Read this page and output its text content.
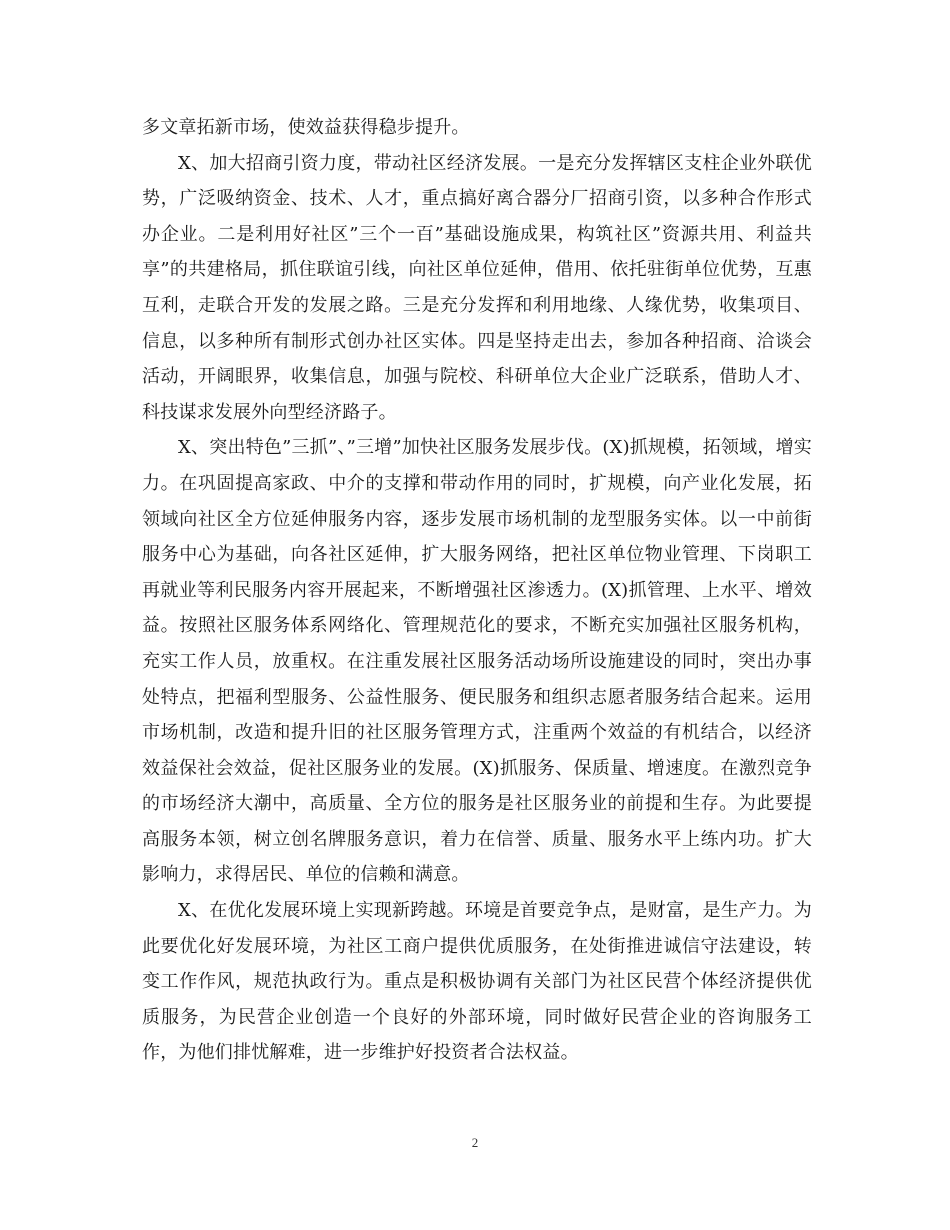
多文章拓新市场，使效益获得稳步提升。

X、加大招商引资力度，带动社区经济发展。一是充分发挥辖区支柱企业外联优势，广泛吸纳资金、技术、人才，重点搞好离合器分厂招商引资，以多种合作形式办企业。二是利用好社区”三个一百”基础设施成果，构筑社区”资源共用、利益共享”的共建格局，抓住联谊引线，向社区单位延伸，借用、依托驻街单位优势，互惠互利，走联合开发的发展之路。三是充分发挥和利用地缘、人缘优势，收集项目、信息，以多种所有制形式创办社区实体。四是坚持走出去，参加各种招商、洽谈会活动，开阔眼界，收集信息，加强与院校、科研单位大企业广泛联系，借助人才、科技谋求发展外向型经济路子。

X、突出特色”三抓”、”三增”加快社区服务发展步伐。(X)抓规模，拓领域，增实力。在巩固提高家政、中介的支撑和带动作用的同时，扩规模，向产业化发展，拓领域向社区全方位延伸服务内容，逐步发展市场机制的龙型服务实体。以一中前街服务中心为基础，向各社区延伸，扩大服务网络，把社区单位物业管理、下岗职工再就业等利民服务内容开展起来，不断增强社区渗透力。(X)抓管理、上水平、增效益。按照社区服务体系网络化、管理规范化的要求，不断充实加强社区服务机构，充实工作人员，放重权。在注重发展社区服务活动场所设施建设的同时，突出办事处特点，把福利型服务、公益性服务、便民服务和组织志愿者服务结合起来。运用市场机制，改造和提升旧的社区服务管理方式，注重两个效益的有机结合，以经济效益保社会效益，促社区服务业的发展。(X)抓服务、保质量、增速度。在激烈竞争的市场经济大潮中，高质量、全方位的服务是社区服务业的前提和生存。为此要提高服务本领，树立创名牌服务意识，着力在信誉、质量、服务水平上练内功。扩大影响力，求得居民、单位的信赖和满意。

X、在优化发展环境上实现新跨越。环境是首要竞争点，是财富，是生产力。为此要优化好发展环境，为社区工商户提供优质服务，在处街推进诚信守法建设，转变工作作风，规范执政行为。重点是积极协调有关部门为社区民营个体经济提供优质服务，为民营企业创造一个良好的外部环境，同时做好民营企业的咨询服务工作，为他们排忧解难，进一步维护好投资者合法权益。

2
